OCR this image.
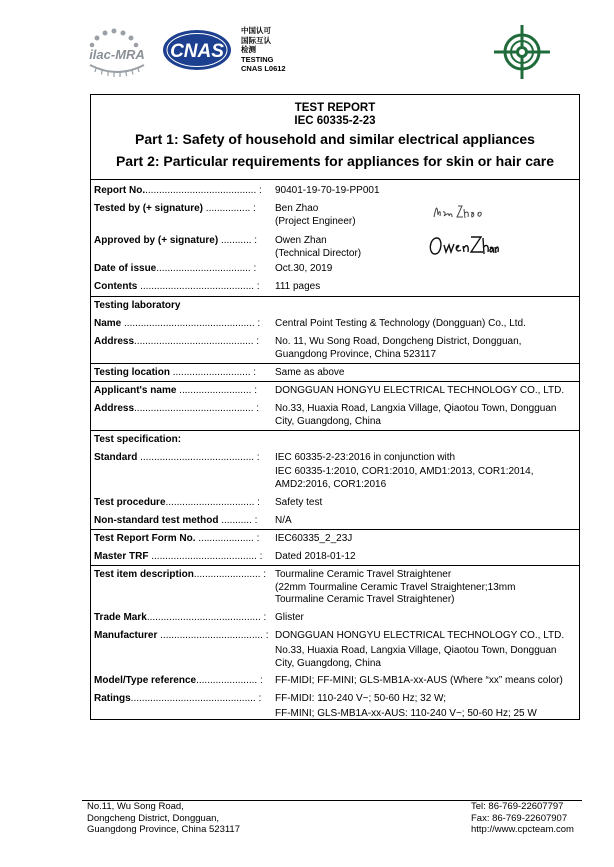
ilac-MRA CNAS
中国认可
国际互认
检测
TESTING
CNAS L0612
TEST REPORT
IEC 60335-2-23
Part 1: Safety of household and similar electrical appliances
Part 2: Particular requirements for appliances for skin or hair care
Report No......................................... : 90401-19-70-19-PP001
Tested by (+ signature) ................ : Ben Zhao
(Project Engineer)
Approved by (+ signature) ........... : Owen Zhan
(Technical Director)
Date of issue.................................. : Oct.30, 2019
Contents ......................................... : 111 pages
Testing laboratory
Name ............................................... : Central Point Testing & Technology (Dongguan) Co., Ltd.
Address........................................... : No. 11, Wu Song Road, Dongcheng District, Dongguan,
Guangdong Province, China 523117
Testing location ............................ : Same as above
Applicant's name .......................... : DONGGUAN HONGYU ELECTRICAL TECHNOLOGY CO., LTD.
Address........................................... : No.33, Huaxia Road, Langxia Village, Qiaotou Town, Dongguan
City, Guangdong, China
Test specification:
Standard ......................................... : IEC 60335-2-23:2016 in conjunction with
IEC 60335-1:2010, COR1:2010, AMD1:2013, COR1:2014,
AMD2:2016, COR1:2016
Test procedure................................ : Safety test
Non-standard test method ........... : N/A
Test Report Form No. .................... : IEC60335_2_23J
Master TRF ...................................... : Dated 2018-01-12
Test item description........................ : Tourmaline Ceramic Travel Straightener
(22mm Tourmaline Ceramic Travel Straightener;13mm
Tourmaline Ceramic Travel Straightener)
Trade Mark......................................... : Glister
Manufacturer ..................................... : DONGGUAN HONGYU ELECTRICAL TECHNOLOGY CO., LTD.
No.33, Huaxia Road, Langxia Village, Qiaotou Town, Dongguan
City, Guangdong, China
Model/Type reference...................... : FF-MIDI; FF-MINI; GLS-MB1A-xx-AUS (Where “xx” means color)
Ratings............................................. : FF-MIDI: 110-240 V~; 50-60 Hz; 32 W;
FF-MINI; GLS-MB1A-xx-AUS: 110-240 V~; 50-60 Hz; 25 W
No.11, Wu Song Road,
Dongcheng District, Dongguan,
Guangdong Province, China 523117
Tel: 86-769-22607797
Fax: 86-769-22607907
http://www.cpcteam.com
